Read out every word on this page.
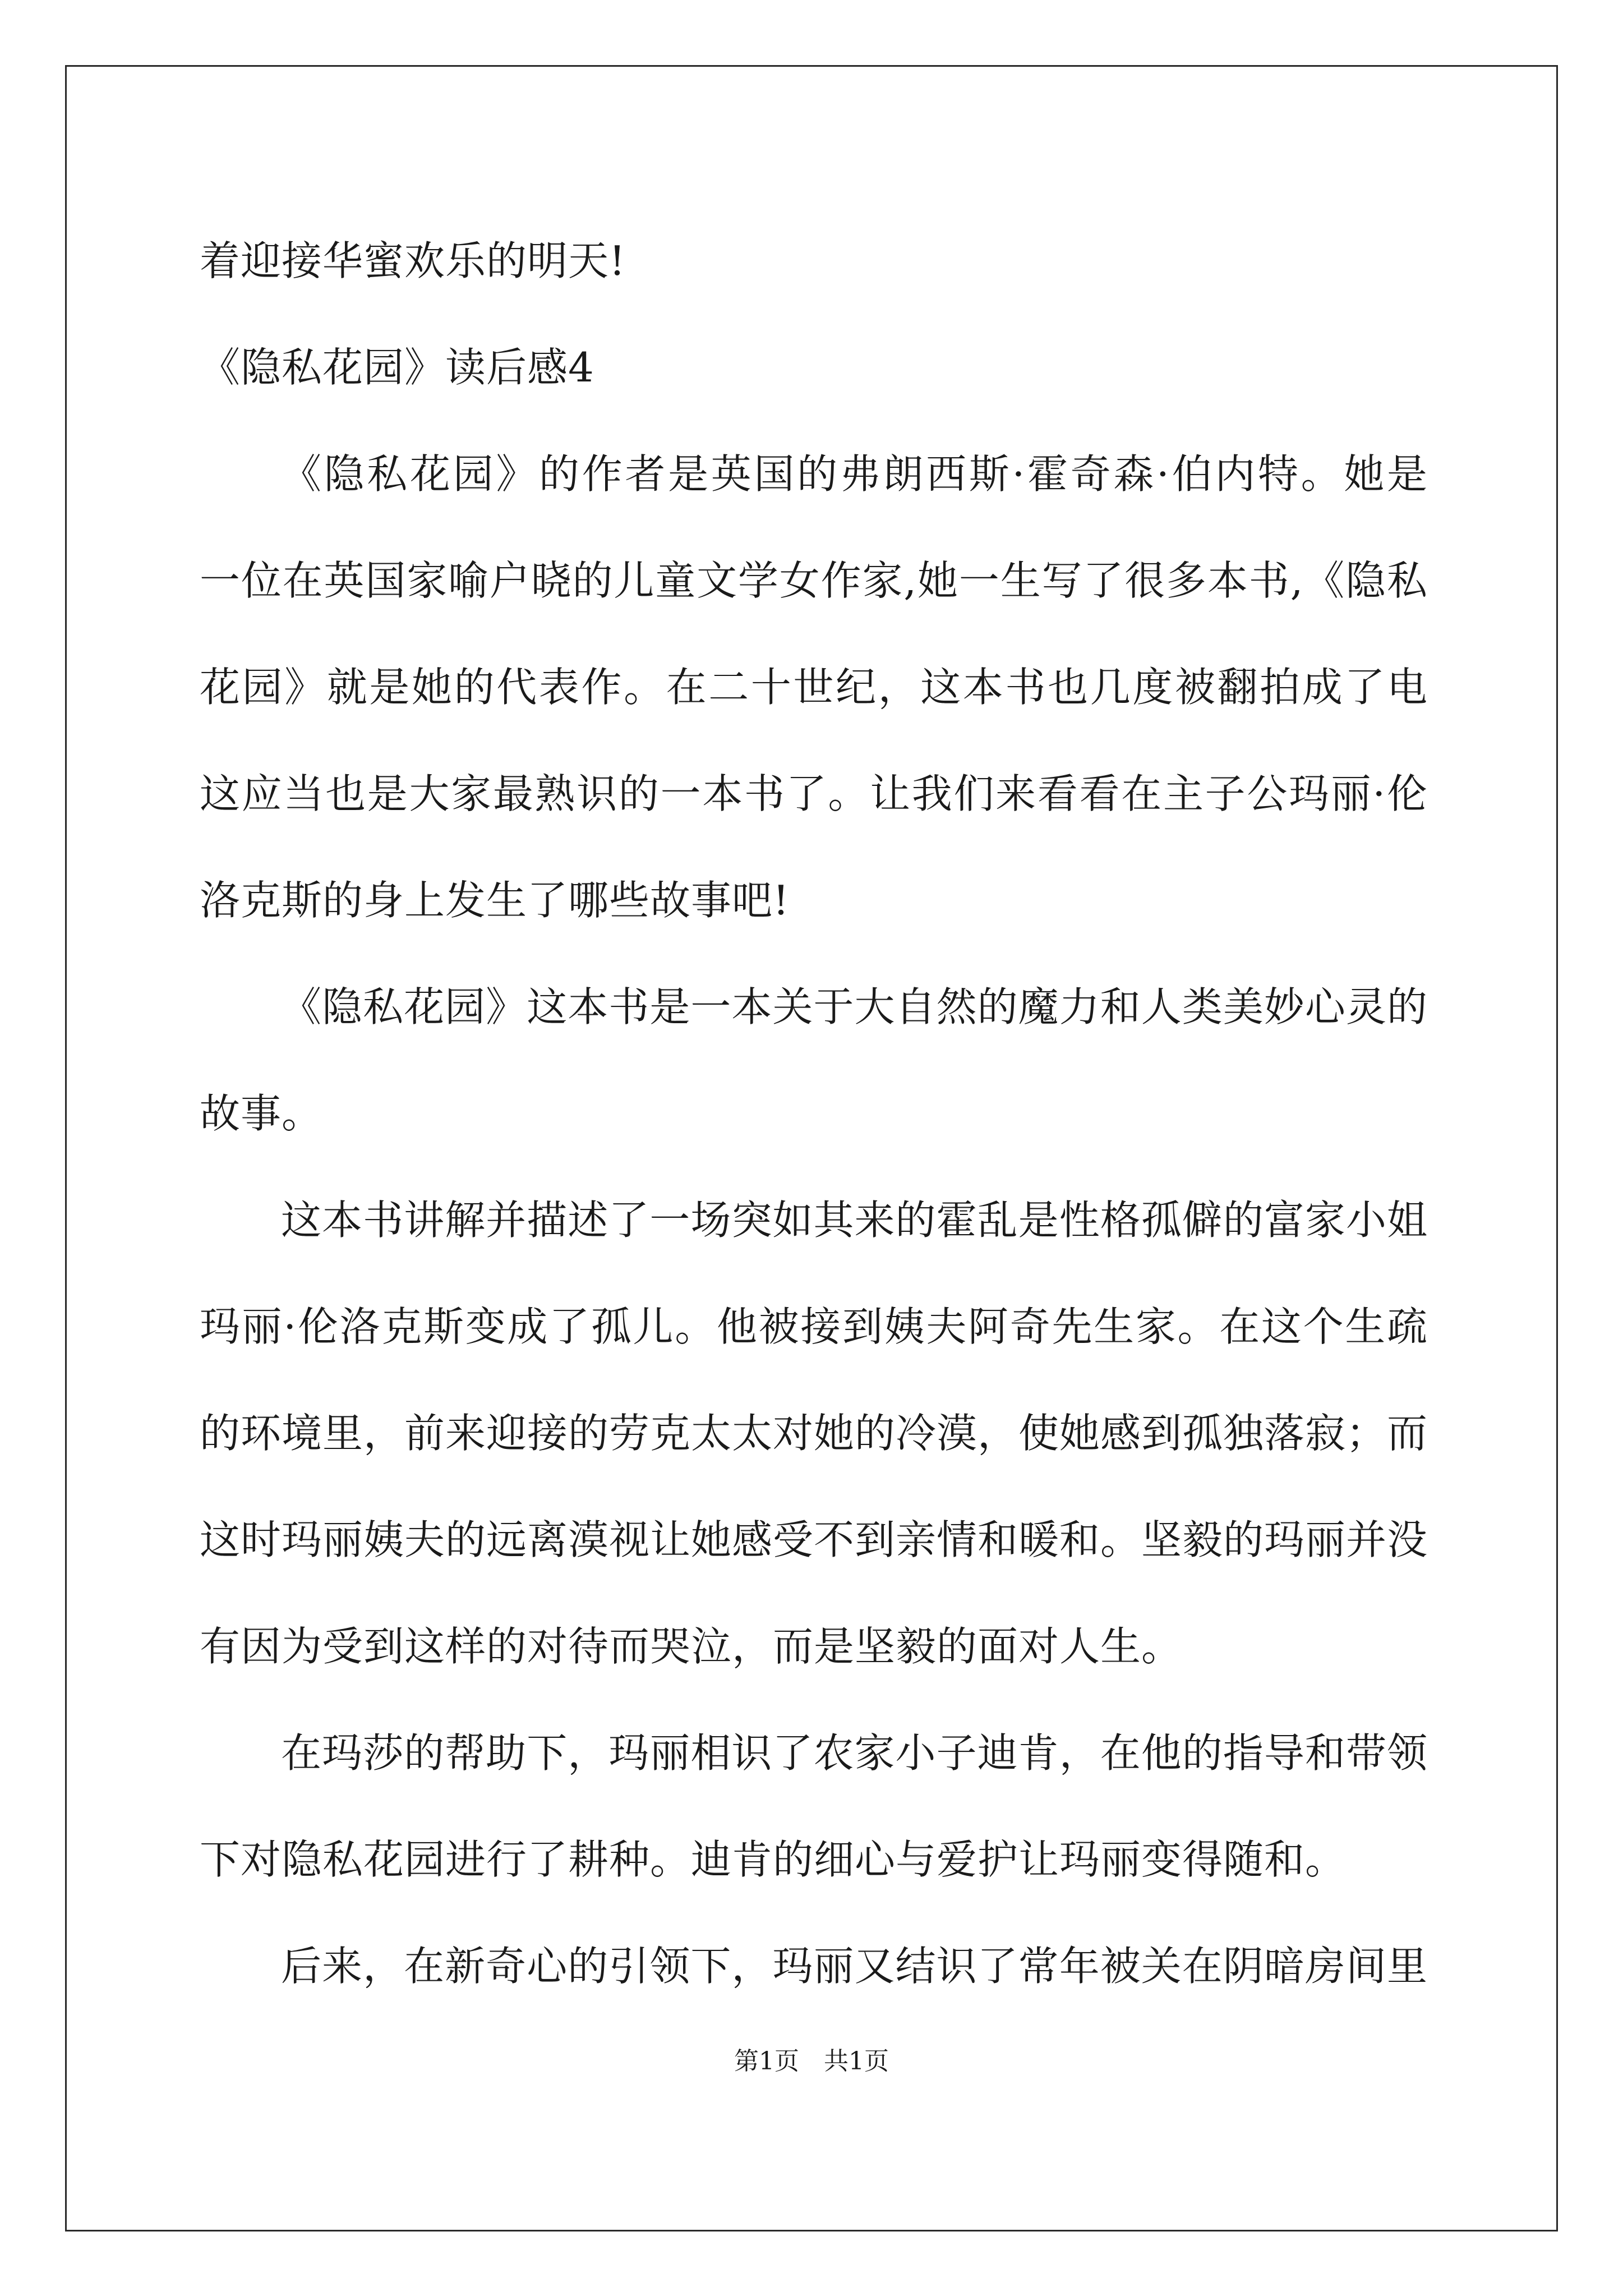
着迎接华蜜欢乐的明天!
《隐私花园》读后感4
《隐私花园》的作者是英国的弗朗西斯·霍奇森·伯内特。她是
一位在英国家喻户晓的儿童文学女作家,她一生写了很多本书,《隐私
花园》就是她的代表作。在二十世纪，这本书也几度被翻拍成了电
这应当也是大家最熟识的一本书了。让我们来看看在主子公玛丽·伦
洛克斯的身上发生了哪些故事吧!
《隐私花园》这本书是一本关于大自然的魔力和人类美妙心灵的
故事。
这本书讲解并描述了一场突如其来的霍乱是性格孤僻的富家小姐
玛丽·伦洛克斯变成了孤儿。他被接到姨夫阿奇先生家。在这个生疏
的环境里，前来迎接的劳克太太对她的冷漠，使她感到孤独落寂；而
这时玛丽姨夫的远离漠视让她感受不到亲情和暖和。坚毅的玛丽并没
有因为受到这样的对待而哭泣，而是坚毅的面对人生。
在玛莎的帮助下，玛丽相识了农家小子迪肯，在他的指导和带领
下对隐私花园进行了耕种。迪肯的细心与爱护让玛丽变得随和。
后来，在新奇心的引领下，玛丽又结识了常年被关在阴暗房间里
第1页 共1页
